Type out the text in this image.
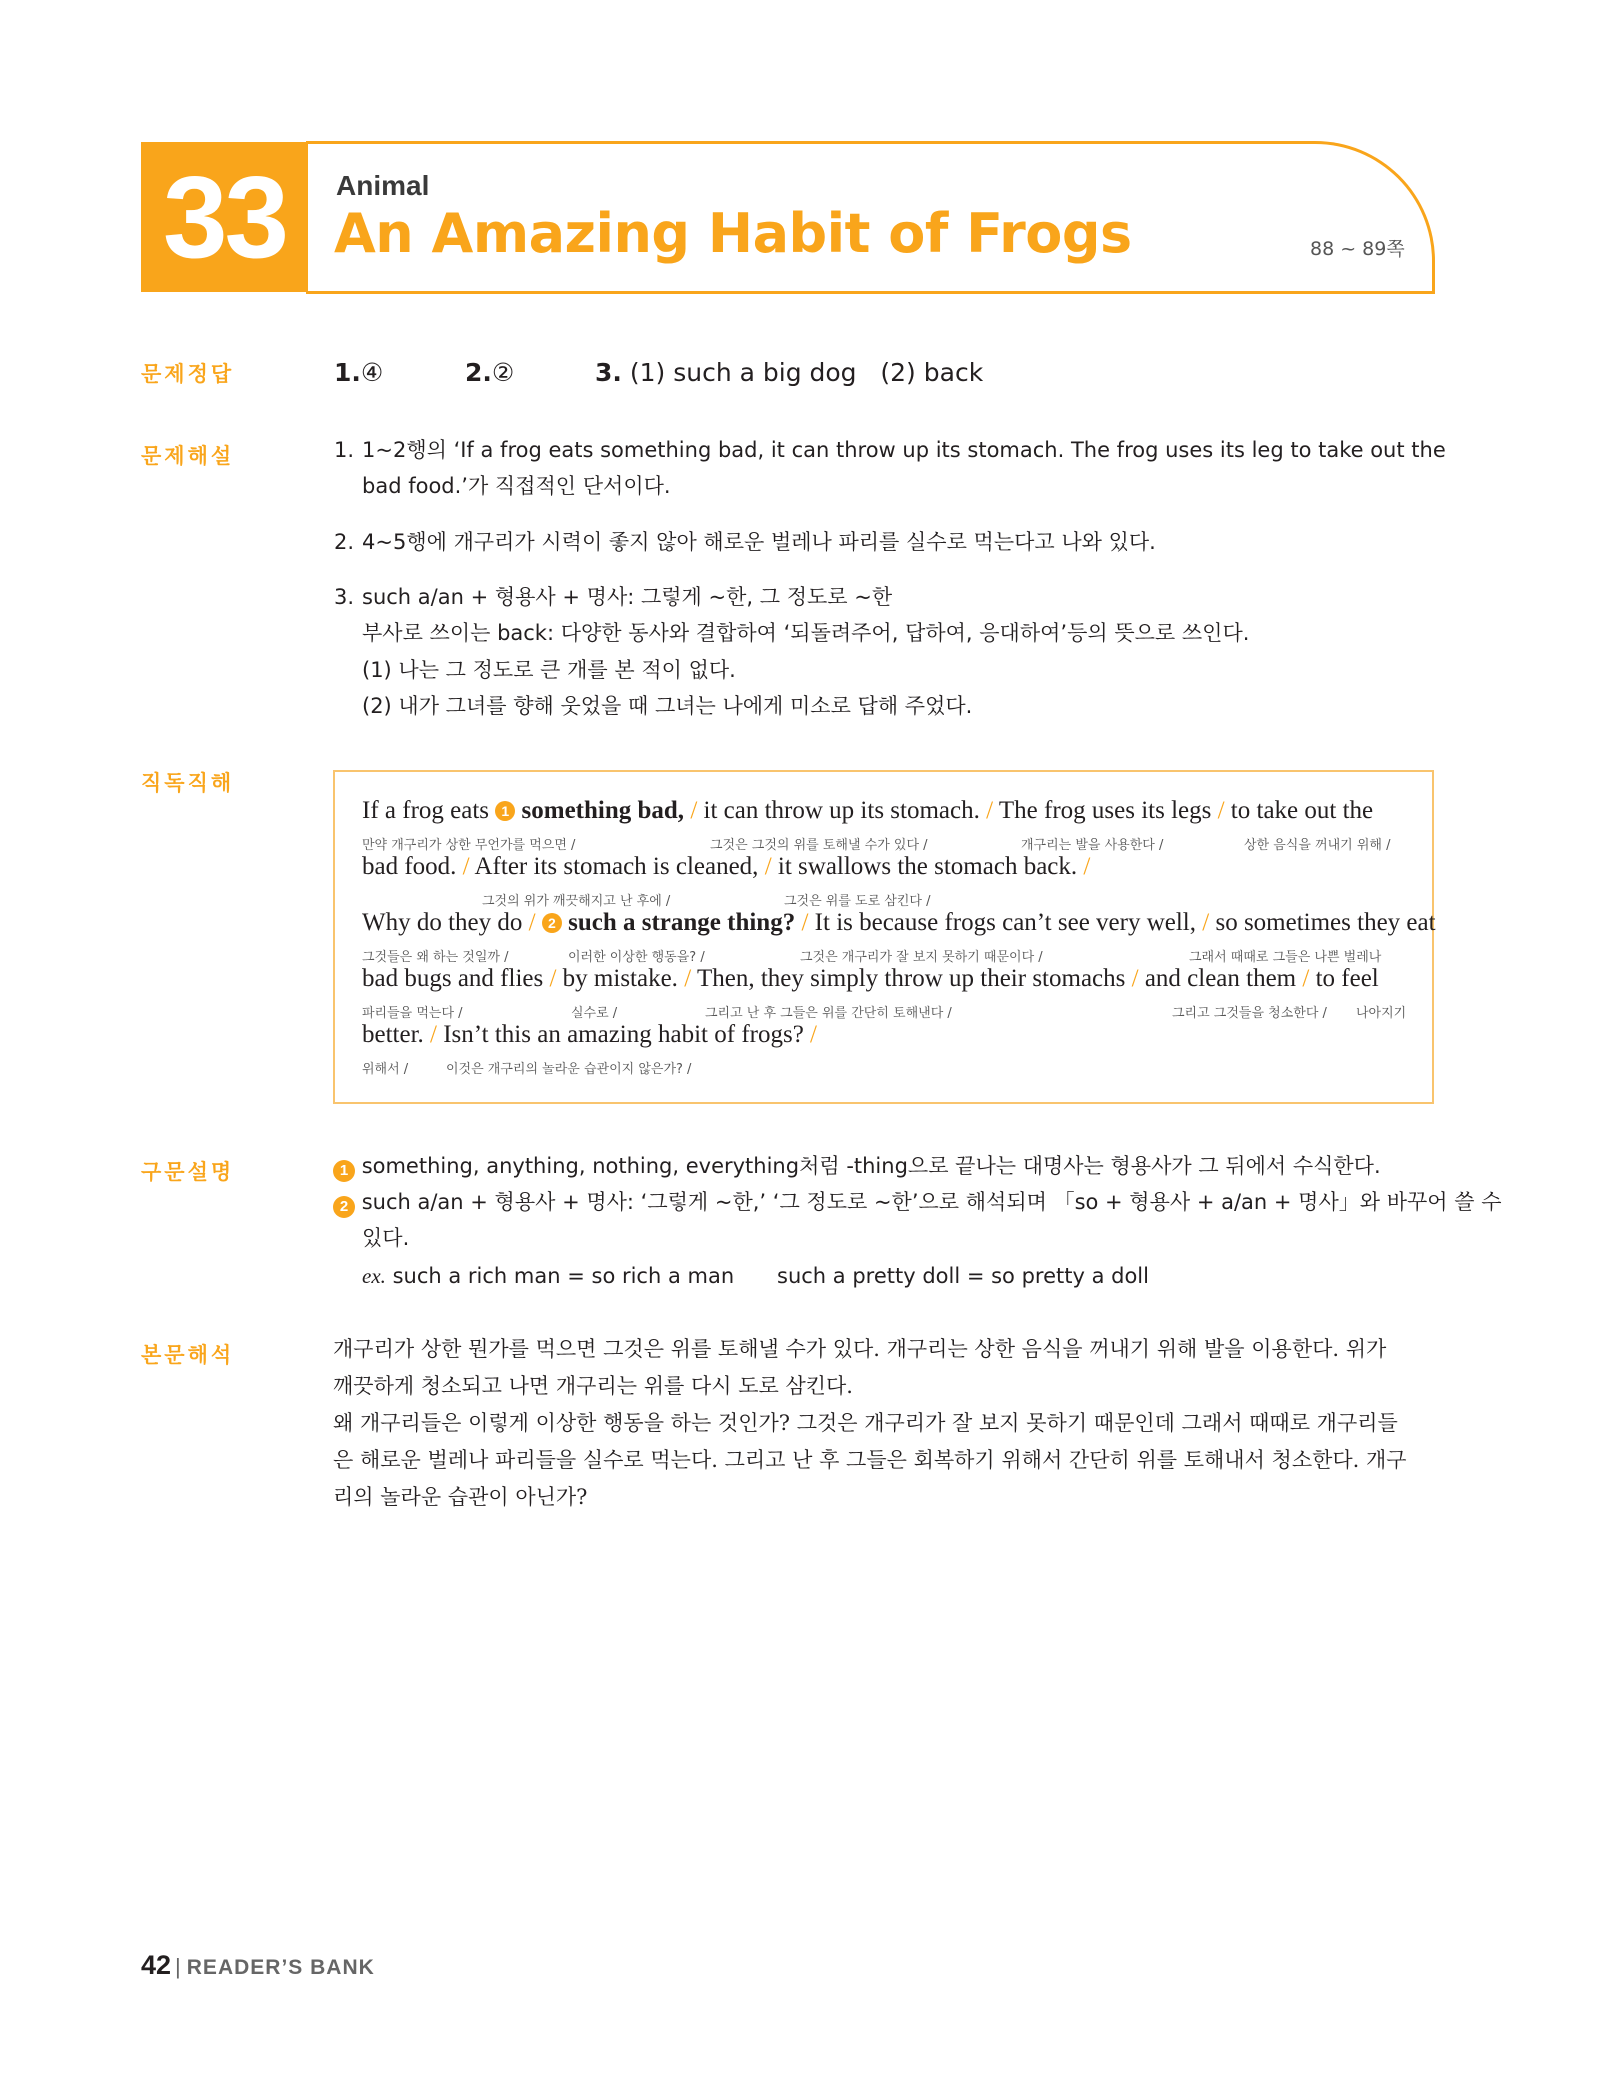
33	Animal
An Amazing Habit of Frogs	88 ~ 89쪽
문제정답	1.④	2.②	3. (1) such a big dog   (2) back
문제해설	1. 1~2행의 ‘If a frog eats something bad, it can throw up its stomach. The frog uses its leg to take out the
bad food.’가 직접적인 단서이다.
2. 4~5행에 개구리가 시력이 좋지 않아 해로운 벌레나 파리를 실수로 먹는다고 나와 있다.
3. such a/an + 형용사 + 명사: 그렇게 ~한, 그 정도로 ~한
부사로 쓰이는 back: 다양한 동사와 결합하여 ‘되돌려주어, 답하여, 응대하여’등의 뜻으로 쓰인다.
(1) 나는 그 정도로 큰 개를 본 적이 없다.
(2) 내가 그녀를 향해 웃었을 때 그녀는 나에게 미소로 답해 주었다.
직독직해
If a frog eats 1 something bad, / it can throw up its stomach. / The frog uses its legs / to take out the
만약 개구리가 상한 무언가를 먹으면 /	그것은 그것의 위를 토해낼 수가 있다 /	개구리는 발을 사용한다 /	상한 음식을 꺼내기 위해 /
bad food. / After its stomach is cleaned, / it swallows the stomach back. /
그것의 위가 깨끗해지고 난 후에 /	그것은 위를 도로 삼킨다 /
Why do they do / 2 such a strange thing? / It is because frogs can’t see very well, / so sometimes they eat
그것들은 왜 하는 것일까 /	이러한 이상한 행동을? /	그것은 개구리가 잘 보지 못하기 때문이다 /	그래서 때때로 그들은 나쁜 벌레나
bad bugs and flies / by mistake. / Then, they simply throw up their stomachs / and clean them / to feel
파리들을 먹는다 /	실수로 /	그리고 난 후 그들은 위를 간단히 토해낸다 /	그리고 그것들을 청소한다 / 나아지기
better. / Isn’t this an amazing habit of frogs? /
위해서 /	이것은 개구리의 놀라운 습관이지 않은가? /
구문설명	1 something, anything, nothing, everything처럼 -thing으로 끝나는 대명사는 형용사가 그 뒤에서 수식한다.
2 such a/an + 형용사 + 명사: ‘그렇게 ~한,’ ‘그 정도로 ~한’으로 해석되며 「so + 형용사 + a/an + 명사」와 바꾸어 쓸 수
있다.
ex. such a rich man = so rich a man such a pretty doll = so pretty a doll
본문해석	개구리가 상한 뭔가를 먹으면 그것은 위를 토해낼 수가 있다. 개구리는 상한 음식을 꺼내기 위해 발을 이용한다. 위가
깨끗하게 청소되고 나면 개구리는 위를 다시 도로 삼킨다.
왜 개구리들은 이렇게 이상한 행동을 하는 것인가? 그것은 개구리가 잘 보지 못하기 때문인데 그래서 때때로 개구리들
은 해로운 벌레나 파리들을 실수로 먹는다. 그리고 난 후 그들은 회복하기 위해서 간단히 위를 토해내서 청소한다. 개구
리의 놀라운 습관이 아닌가?
42 | READER’S BANK
